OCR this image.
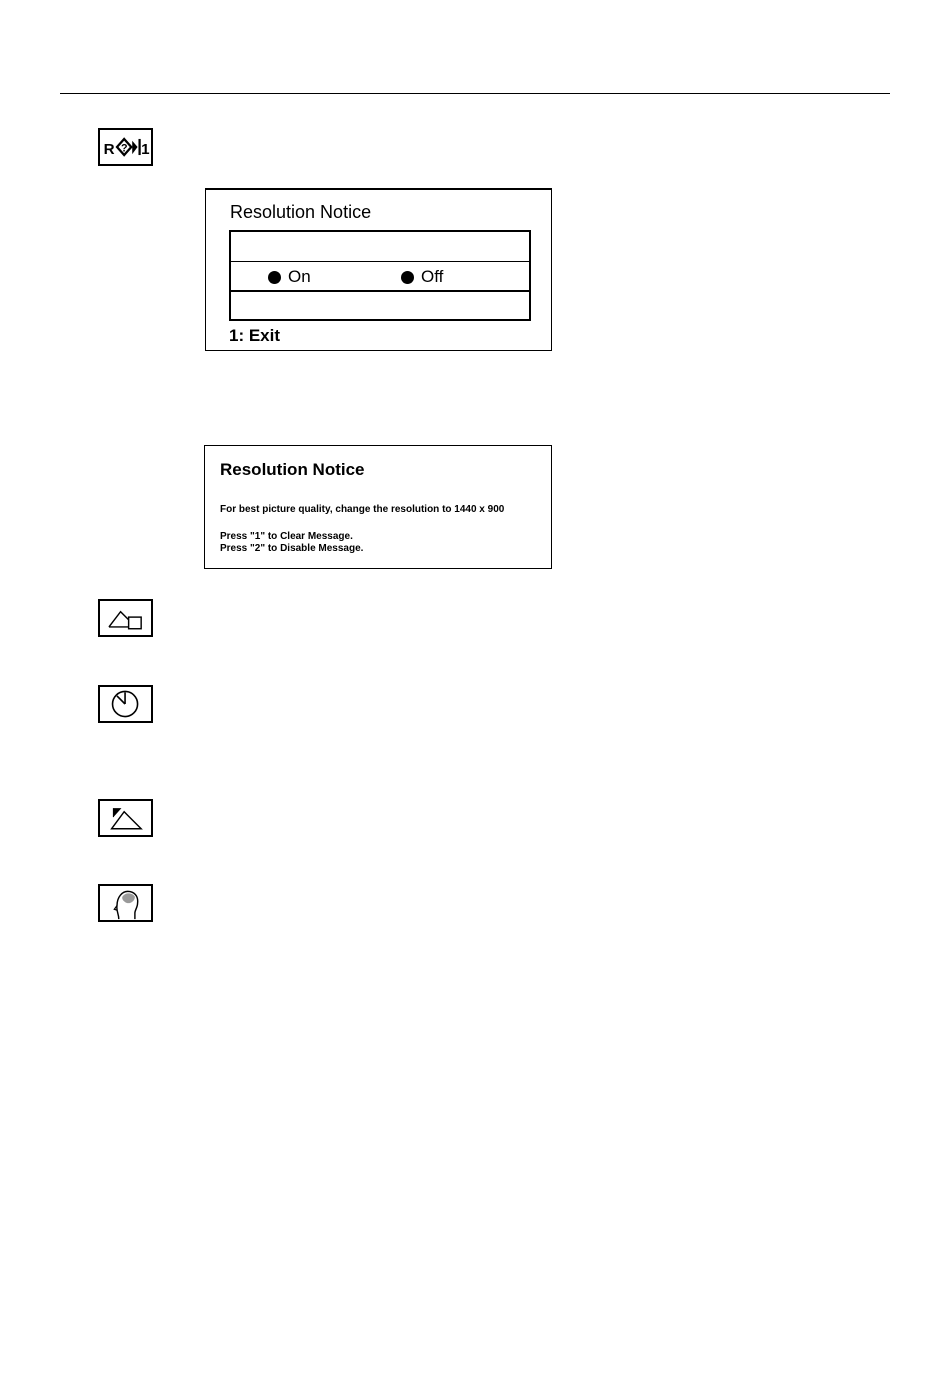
R ? 1
Resolution Notice
On	Off
1: Exit
Resolution Notice
For best picture quality, change the resolution to 1440 x 900
Press "1" to Clear Message.
Press "2" to Disable Message.
